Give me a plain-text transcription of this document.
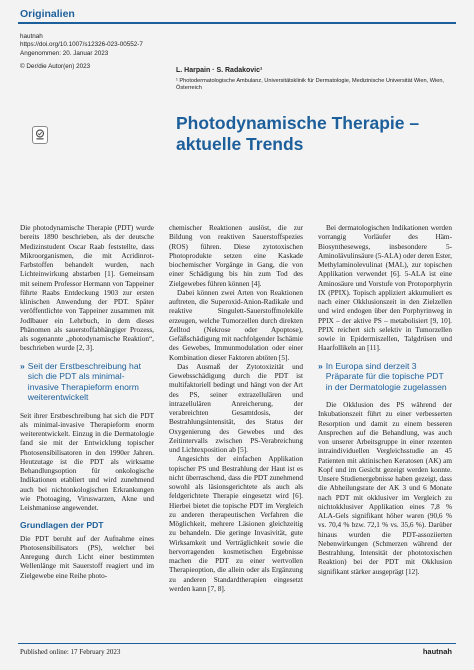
Originalien
hautnah
https://doi.org/10.1007/s12326-023-00552-7
Angenommen: 20. Januar 2023
© Der/die Autor(en) 2023
L. Harpain · S. Radakovic¹
¹ Photodermatologische Ambulanz, Universitätsklinik für Dermatologie, Medizinische Universität Wien, Wien, Österreich
Photodynamische Therapie –
aktuelle Trends

Die photodynamische Therapie (PDT) wurde bereits 1890 beschrieben, als der deutsche Medizinstudent Oscar Raab feststellte, dass Mikroorganismen, die mit Acridinrot-Farbstoffen behandelt wurden, nach Lichteinwirkung abstarben [1]. Gemeinsam mit seinem Professor Hermann von Tappeiner führte Raabs Entdeckung 1903 zur ersten klinischen Anwendung der PDT. Später veröffentlichte von Tappeiner zusammen mit Jodlbauer ein Lehrbuch, in dem dieses Phänomen als sauerstoffabhängiger Prozess, als sogenannte „photodynamische Reaktion“, beschrieben wurde [2, 3].

» Seit der Erstbeschreibung hat sich die PDT als minimal-invasive Therapieform enorm weiterentwickelt

Seit ihrer Erstbeschreibung hat sich die PDT als minimal-invasive Therapieform enorm weiterentwickelt. Einzug in die Dermatologie fand sie mit der Entwicklung topischer Photosensibilisatoren in den 1990er Jahren. Heutzutage ist die PDT als wirksame Behandlungsoption für onkologische Indikationen etabliert und wird zunehmend auch bei nichtonkologischen Erkrankungen wie Photoaging, Viruswarzen, Akne und Leishmaniose angewendet.

Grundlagen der PDT

Die PDT beruht auf der Aufnahme eines Photosensibilisators (PS), welcher bei Anregung durch Licht einer bestimmten Wellenlänge mit Sauerstoff reagiert und im Zielgewebe eine Reihe photo-

chemischer Reaktionen auslöst, die zur Bildung von reaktiven Sauerstoffspezies (ROS) führen. Diese zytotoxischen Photoprodukte setzen eine Kaskade biochemischer Vorgänge in Gang, die von einer Schädigung bis hin zum Tod des Zielgewebes führen können [4].

Dabei können zwei Arten von Reaktionen auftreten, die Superoxid-Anion-Radikale und reaktive Singulett-Sauerstoffmoleküle erzeugen, welche Tumorzellen durch direkten Zelltod (Nekrose oder Apoptose), Gefäßschädigung mit nachfolgender Ischämie des Gewebes, Immunmodulation oder einer Kombination dieser Faktoren abtöten [5].

Das Ausmaß der Zytotoxizität und Gewebsschädigung durch die PDT ist multifaktoriell bedingt und hängt von der Art des PS, seiner extrazellulären und intrazellulären Anreicherung, der verabreichten Gesamtdosis, der Bestrahlungsintensität, des Status der Oxygenierung des Gewebes und des Zeitintervalls zwischen PS-Verabreichung und Lichtexposition ab [5].

Angesichts der einfachen Applikation topischer PS und Bestrahlung der Haut ist es nicht überraschend, dass die PDT zunehmend sowohl als läsionsgerichtete als auch als feldgerichtete Therapie eingesetzt wird [6]. Hierbei bietet die topische PDT im Vergleich zu anderen therapeutischen Verfahren die Möglichkeit, mehrere Läsionen gleichzeitig zu behandeln. Die geringe Invasivität, gute Wirksamkeit und Verträglichkeit sowie die hervorragenden kosmetischen Ergebnisse machen die PDT zu einer wertvollen Therapieoption, die allein oder als Ergänzung zu anderen Standardtherapien eingesetzt werden kann [7, 8].

Bei dermatologischen Indikationen werden vorrangig Vorläufer des Häm-Biosynthesewegs, insbesondere 5-Aminolävulinsäure (5-ALA) oder deren Ester, Methylaminolevulinat (MAL), zur topischen Applikation verwendet [6]. 5-ALA ist eine Aminosäure und Vorstufe von Protoporphyrin IX (PPIX). Topisch appliziert akkumuliert es nach einer Okklusionszeit in den Zielzellen und wird endogen über den Porphyrinweg in PPIX – der aktive PS – metabolisiert [9, 10]. PPIX reichert sich selektiv in Tumorzellen sowie in Epidermiszellen, Talgdrüsen und Haarfollikeln an [11].

» In Europa sind derzeit 3 Präparate für die topische PDT in der Dermatologie zugelassen

Die Okklusion des PS während der Inkubationszeit führt zu einer verbesserten Resorption und damit zu einem besseren Ansprechen auf die Behandlung, was auch von unserer Arbeitsgruppe in einer rezenten intraindividuellen Vergleichsstudie an 45 Patienten mit aktinischen Keratosen (AK) am Kopf und im Gesicht gezeigt werden konnte. Unsere Studienergebnisse haben gezeigt, dass die Abheilungsrate der AK 3 und 6 Monate nach PDT mit okklusiver im Vergleich zu nichtokklusiver Applikation eines 7,8 % ALA-Gels signifikant höher waren (90,6 % vs. 70,4 % bzw. 72,1 % vs. 35,6 %). Darüber hinaus wurden die PDT-assoziierten Nebenwirkungen (Schmerzen während der Bestrahlung, Intensität der phototoxischen Reaktion) bei der PDT mit Okklusion signifikant stärker ausgeprägt [12].

Published online: 17 February 2023	hautnah
